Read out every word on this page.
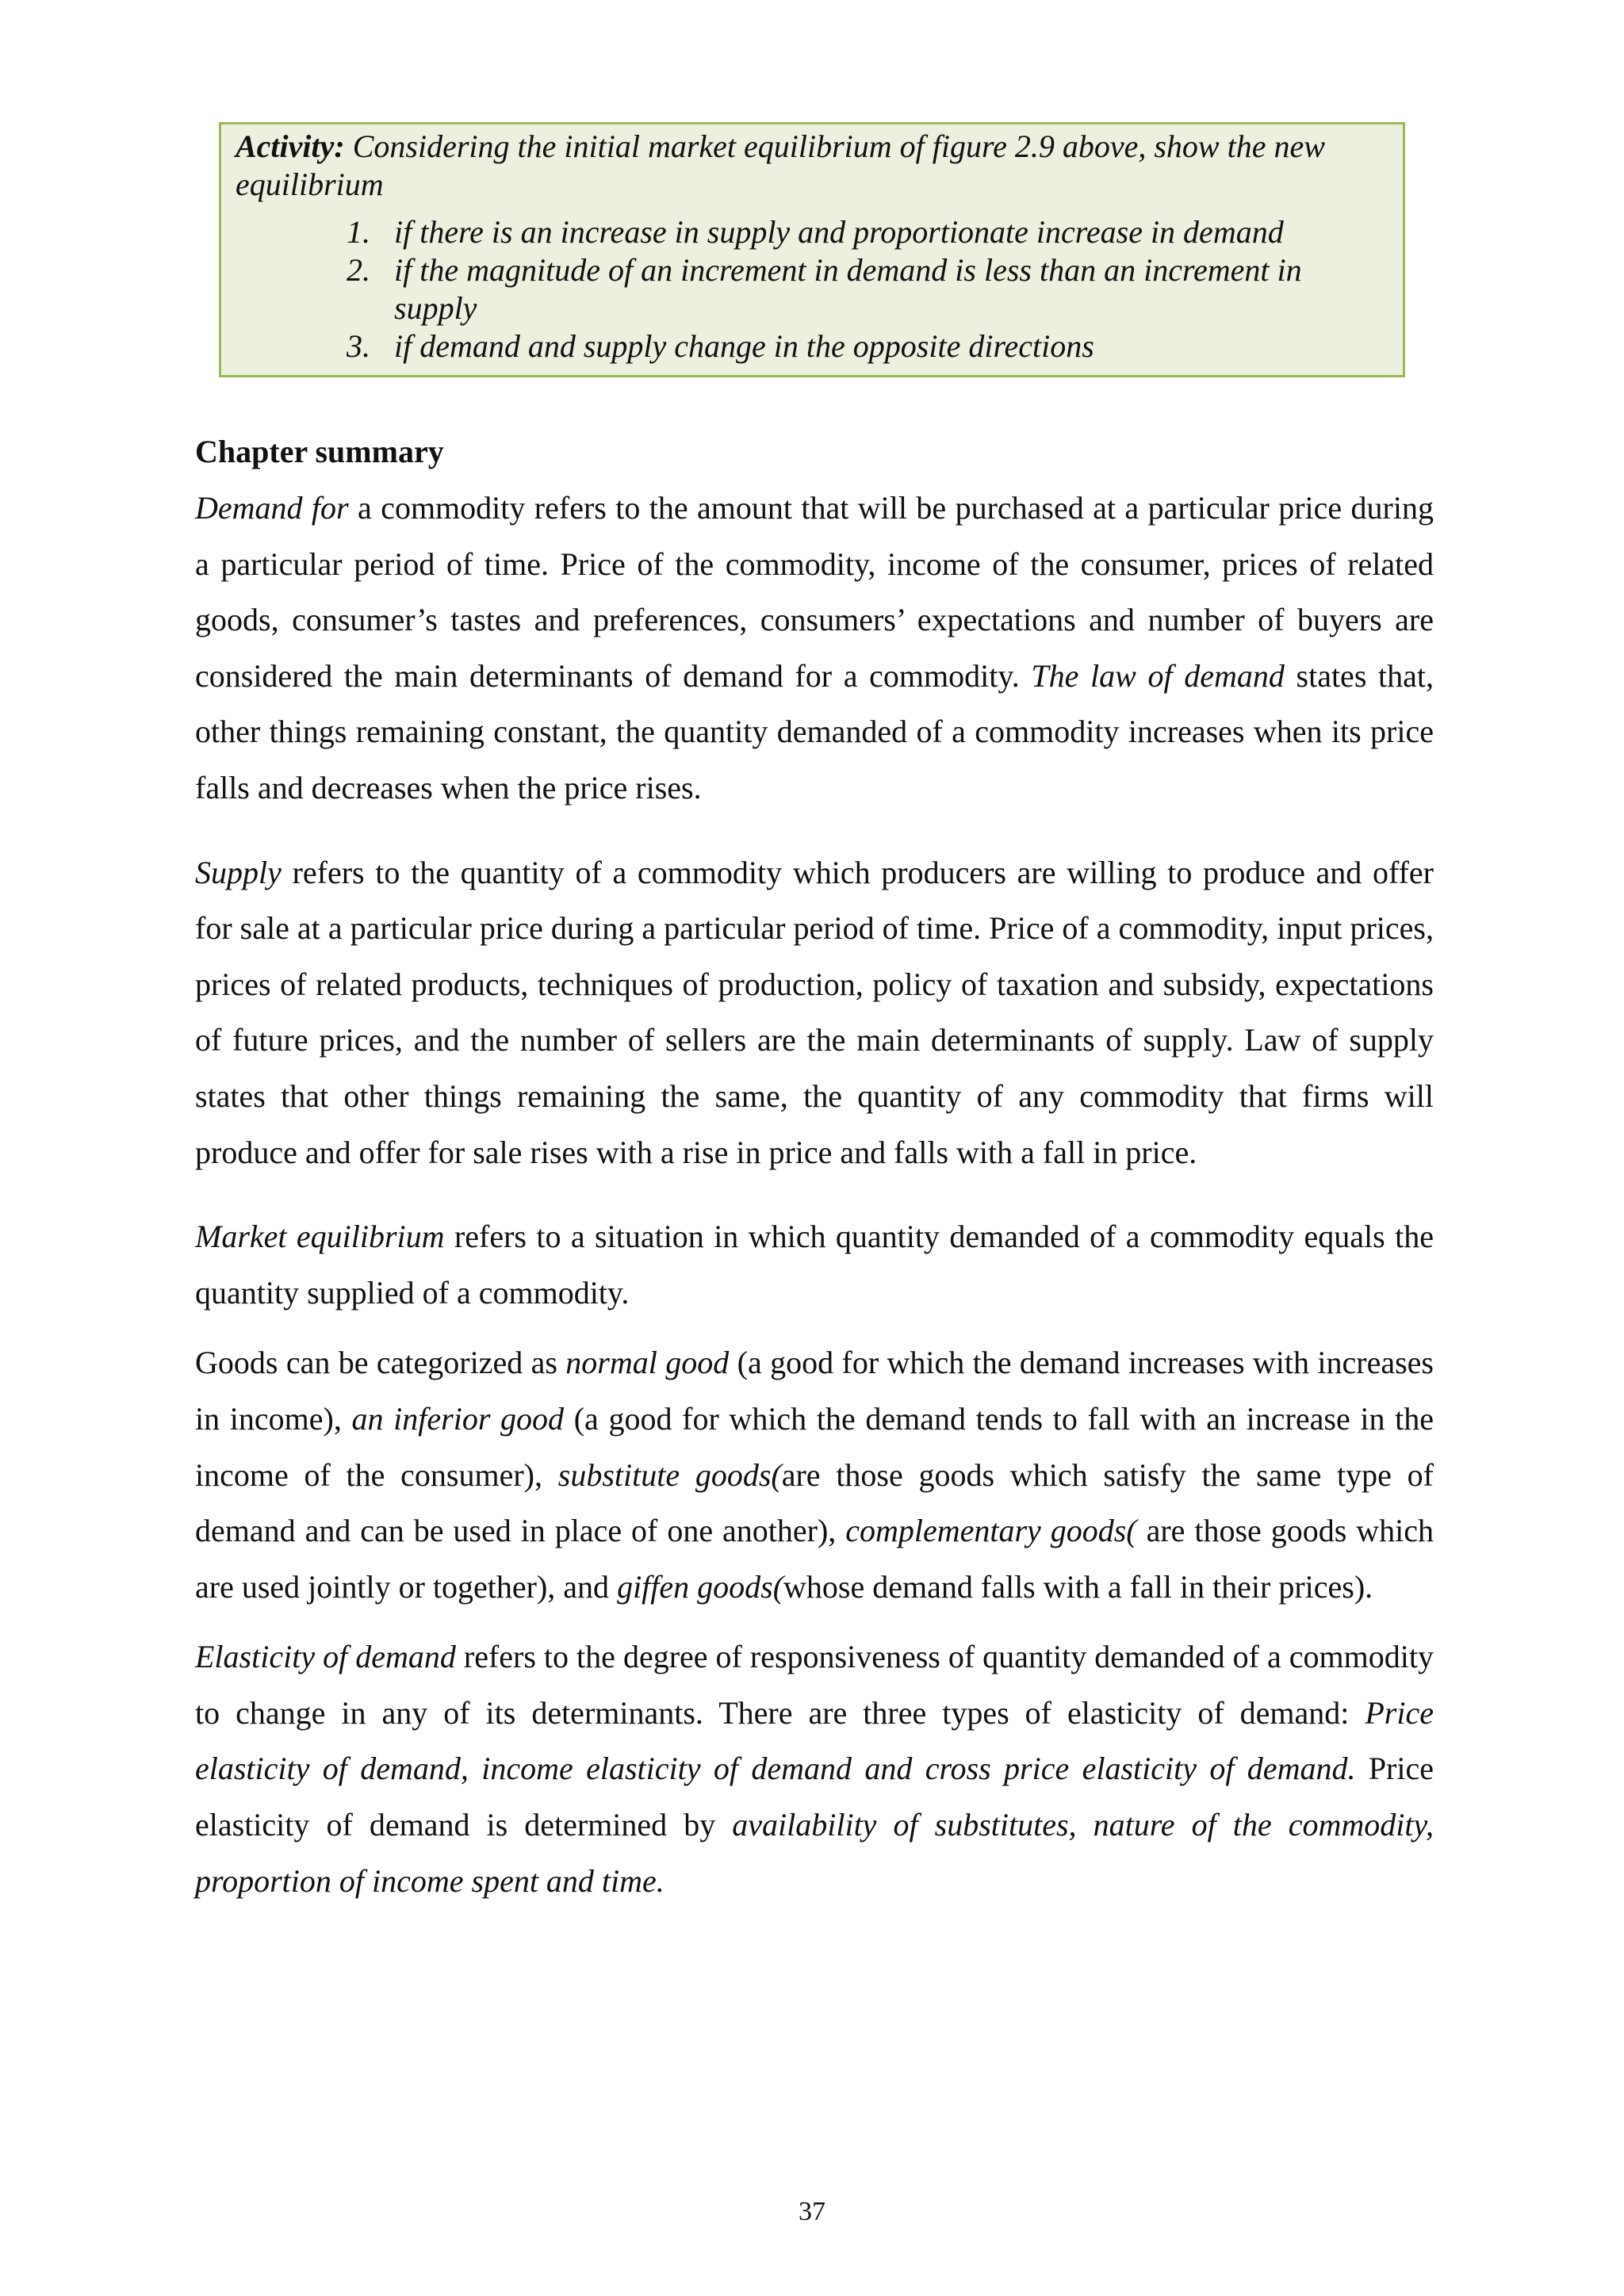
Activity: Considering the initial market equilibrium of figure 2.9 above, show the new equilibrium
1. if there is an increase in supply and proportionate increase in demand
2. if the magnitude of an increment in demand is less than an increment in supply
3. if demand and supply change in the opposite directions
Chapter summary

Demand for a commodity refers to the amount that will be purchased at a particular price during a particular period of time. Price of the commodity, income of the consumer, prices of related goods, consumer’s tastes and preferences, consumers’ expectations and number of buyers are considered the main determinants of demand for a commodity. The law of demand states that, other things remaining constant, the quantity demanded of a commodity increases when its price falls and decreases when the price rises.

Supply refers to the quantity of a commodity which producers are willing to produce and offer for sale at a particular price during a particular period of time. Price of a commodity, input prices, prices of related products, techniques of production, policy of taxation and subsidy, expectations of future prices, and the number of sellers are the main determinants of supply. Law of supply states that other things remaining the same, the quantity of any commodity that firms will produce and offer for sale rises with a rise in price and falls with a fall in price.

Market equilibrium refers to a situation in which quantity demanded of a commodity equals the quantity supplied of a commodity.

Goods can be categorized as normal good (a good for which the demand increases with increases in income), an inferior good (a good for which the demand tends to fall with an increase in the income of the consumer), substitute goods(are those goods which satisfy the same type of demand and can be used in place of one another), complementary goods( are those goods which are used jointly or together), and giffen goods(whose demand falls with a fall in their prices).

Elasticity of demand refers to the degree of responsiveness of quantity demanded of a commodity to change in any of its determinants. There are three types of elasticity of demand: Price elasticity of demand, income elasticity of demand and cross price elasticity of demand. Price elasticity of demand is determined by availability of substitutes, nature of the commodity, proportion of income spent and time.

37
